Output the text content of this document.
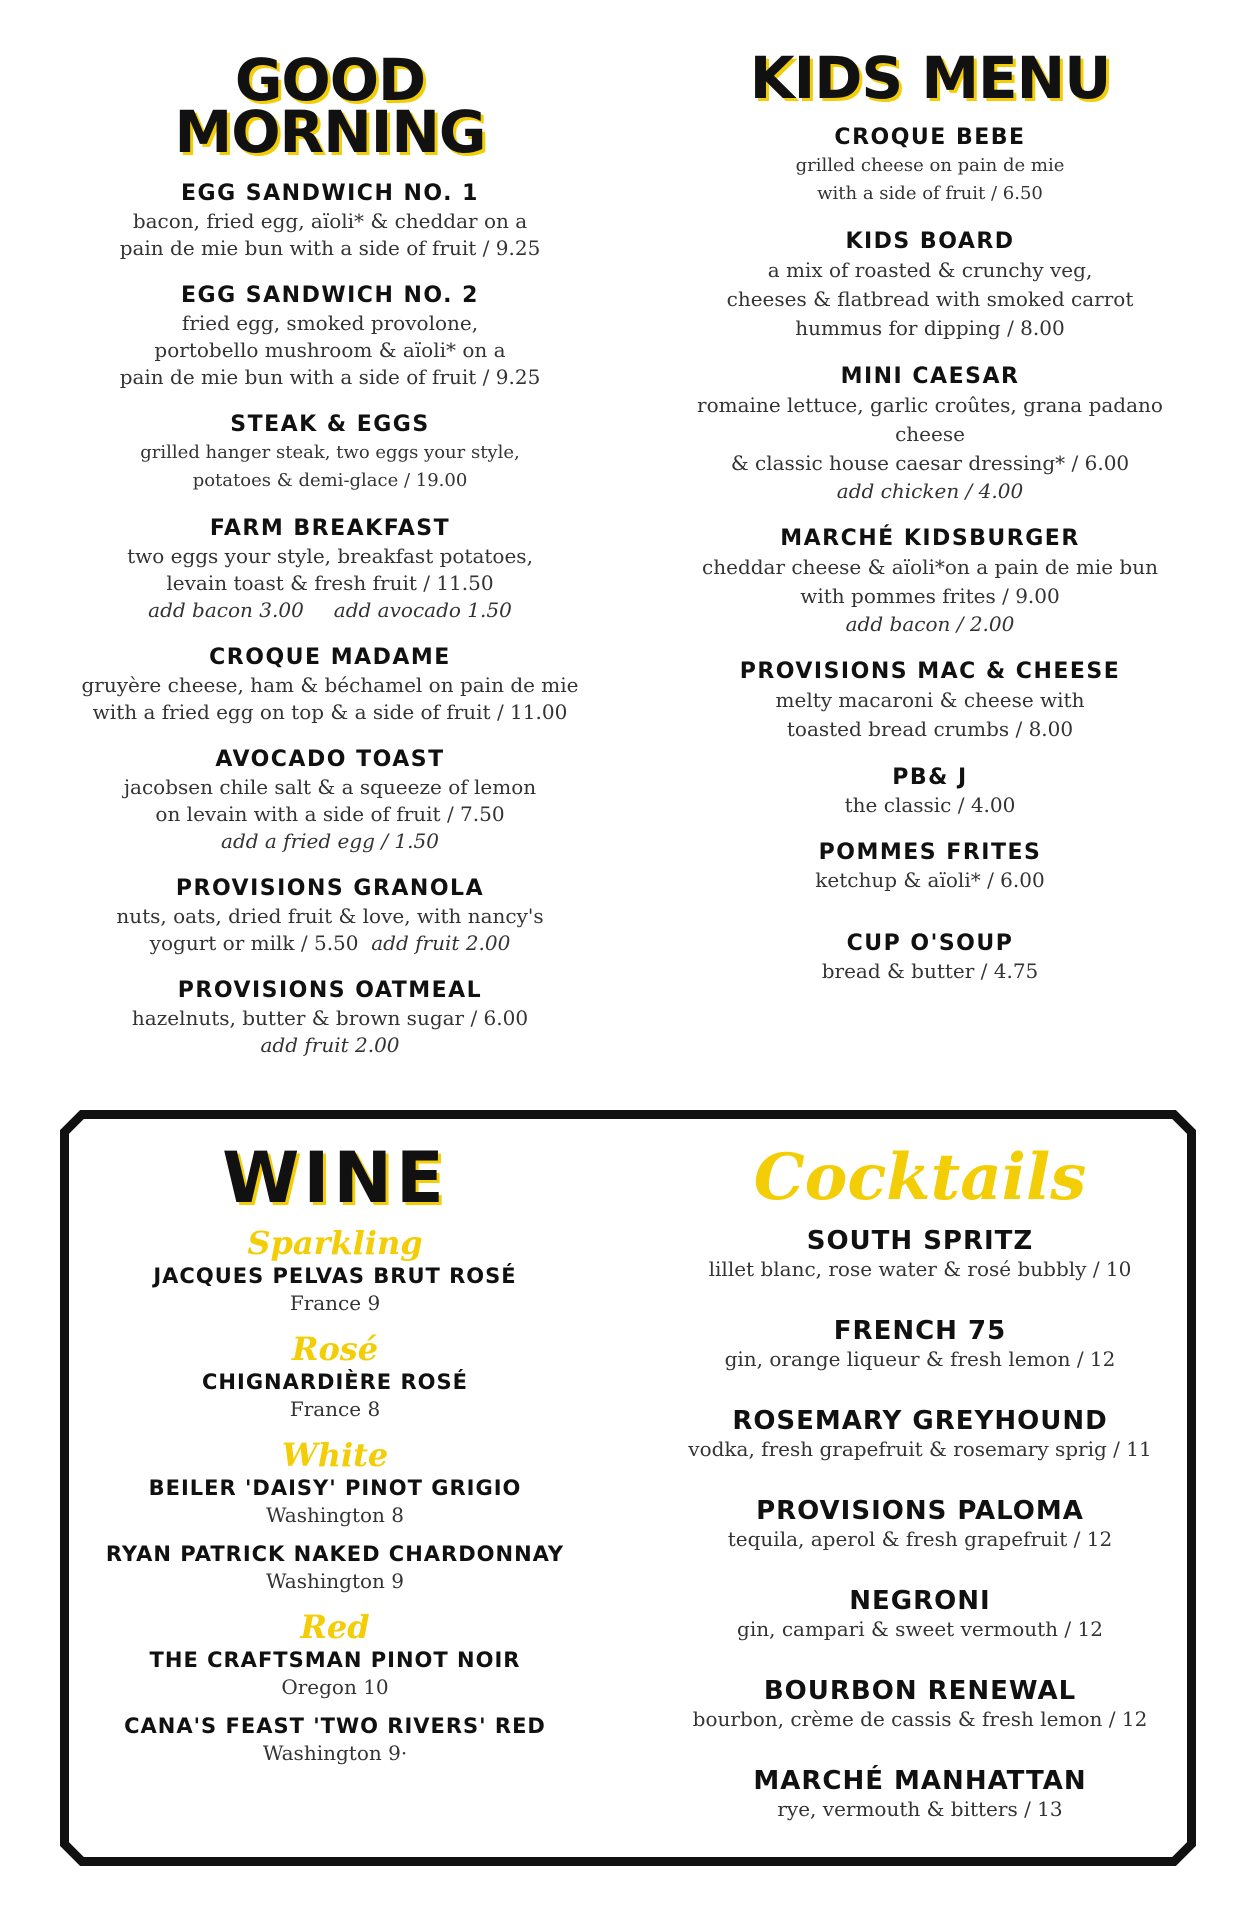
GOOD
MORNING
EGG SANDWICH NO. 1
bacon, fried egg, aïoli* & cheddar on a
pain de mie bun with a side of fruit / 9.25
EGG SANDWICH NO. 2
fried egg, smoked provolone,
portobello mushroom & aïoli* on a
pain de mie bun with a side of fruit / 9.25
STEAK & EGGS
grilled hanger steak, two eggs your style,
potatoes & demi-glace / 19.00
FARM BREAKFAST
two eggs your style, breakfast potatoes,
levain toast & fresh fruit / 11.50
add bacon 3.00 add avocado 1.50
CROQUE MADAME
gruyère cheese, ham & béchamel on pain de mie
with a fried egg on top & a side of fruit / 11.00
AVOCADO TOAST
jacobsen chile salt & a squeeze of lemon
on levain with a side of fruit / 7.50
add a fried egg / 1.50
PROVISIONS GRANOLA
nuts, oats, dried fruit & love, with nancy's
yogurt or milk / 5.50 add fruit 2.00
PROVISIONS OATMEAL
hazelnuts, butter & brown sugar / 6.00
add fruit 2.00
KIDS MENU
CROQUE BEBE
grilled cheese on pain de mie
with a side of fruit / 6.50
KIDS BOARD
a mix of roasted & crunchy veg,
cheeses & flatbread with smoked carrot
hummus for dipping / 8.00
MINI CAESAR
romaine lettuce, garlic croûtes, grana padano
cheese
& classic house caesar dressing* / 6.00
add chicken / 4.00
MARCHÉ KIDSBURGER
cheddar cheese & aïoli*on a pain de mie bun
with pommes frites / 9.00
add bacon / 2.00
PROVISIONS MAC & CHEESE
melty macaroni & cheese with
toasted bread crumbs / 8.00
PB& J
the classic / 4.00
POMMES FRITES
ketchup & aïoli* / 6.00
CUP O'SOUP
bread & butter / 4.75
WINE
Sparkling
JACQUES PELVAS BRUT ROSÉ
France 9
Rosé
CHIGNARDIÈRE ROSÉ
France 8
White
BEILER 'DAISY' PINOT GRIGIO
Washington 8
RYAN PATRICK NAKED CHARDONNAY
Washington 9
Red
THE CRAFTSMAN PINOT NOIR
Oregon 10
CANA'S FEAST 'TWO RIVERS' RED
Washington 9·
Cocktails
SOUTH SPRITZ
lillet blanc, rose water & rosé bubbly / 10
FRENCH 75
gin, orange liqueur & fresh lemon / 12
ROSEMARY GREYHOUND
vodka, fresh grapefruit & rosemary sprig / 11
PROVISIONS PALOMA
tequila, aperol & fresh grapefruit / 12
NEGRONI
gin, campari & sweet vermouth / 12
BOURBON RENEWAL
bourbon, crème de cassis & fresh lemon / 12
MARCHÉ MANHATTAN
rye, vermouth & bitters / 13
